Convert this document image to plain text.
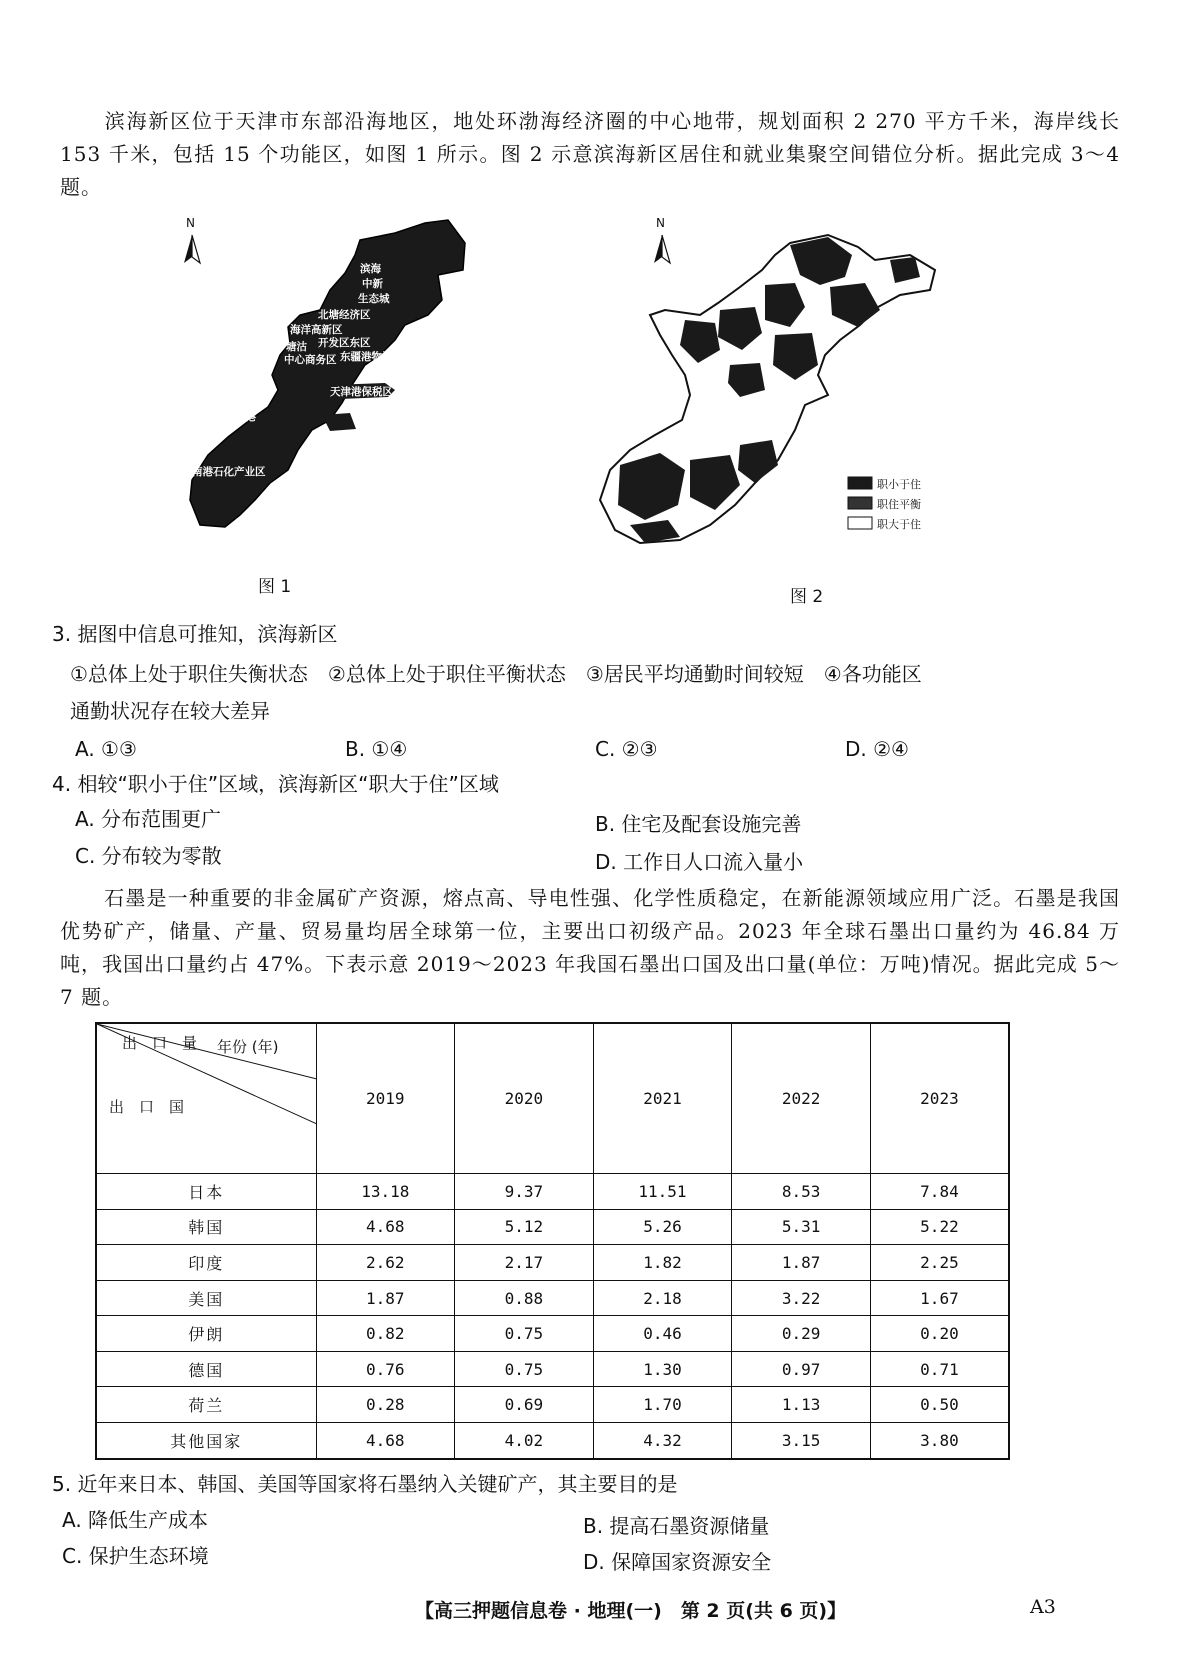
滨海新区位于天津市东部沿海地区，地处环渤海经济圈的中心地带，规划面积 2 270 平方千米，海岸线长 153 千米，包括 15 个功能区，如图 1 所示。图 2 示意滨海新区居住和就业集聚空间错位分析。据此完成 3～4 题。
N
滨海
中新
生态城
空港经济区	北塘街
未来科技城	北塘经济区
开发区西区 海洋高新区
塘沽 开发区东区
中心商务区 东疆港物流区
天津港保税区
大港
南港石化产业区
图 1
N
职小于住
职住平衡
职大于住
图 2
3. 据图中信息可推知，滨海新区
①总体上处于职住失衡状态　②总体上处于职住平衡状态　③居民平均通勤时间较短　④各功能区
通勤状况存在较大差异
A. ①③	B. ①④	C. ②③	D. ②④
4. 相较“职小于住”区域，滨海新区“职大于住”区域
A. 分布范围更广	B. 住宅及配套设施完善
C. 分布较为零散	D. 工作日人口流入量小
石墨是一种重要的非金属矿产资源，熔点高、导电性强、化学性质稳定，在新能源领域应用广泛。石墨是我国优势矿产，储量、产量、贸易量均居全球第一位，主要出口初级产品。2023 年全球石墨出口量约为 46.84 万吨，我国出口量约占 47%。下表示意 2019～2023 年我国石墨出口国及出口量(单位：万吨)情况。据此完成 5～7 题。
年份 (年)
出　口　量
出　口　国	2019	2020	2021	2022	2023
日本	13.18	9.37	11.51	8.53	7.84
韩国	4.68	5.12	5.26	5.31	5.22
印度	2.62	2.17	1.82	1.87	2.25
美国	1.87	0.88	2.18	3.22	1.67
伊朗	0.82	0.75	0.46	0.29	0.20
德国	0.76	0.75	1.30	0.97	0.71
荷兰	0.28	0.69	1.70	1.13	0.50
其他国家	4.68	4.02	4.32	3.15	3.80
5. 近年来日本、韩国、美国等国家将石墨纳入关键矿产，其主要目的是
A. 降低生产成本	B. 提高石墨资源储量
C. 保护生态环境	D. 保障国家资源安全
【高三押题信息卷 · 地理(一)　第 2 页(共 6 页)】	A3
